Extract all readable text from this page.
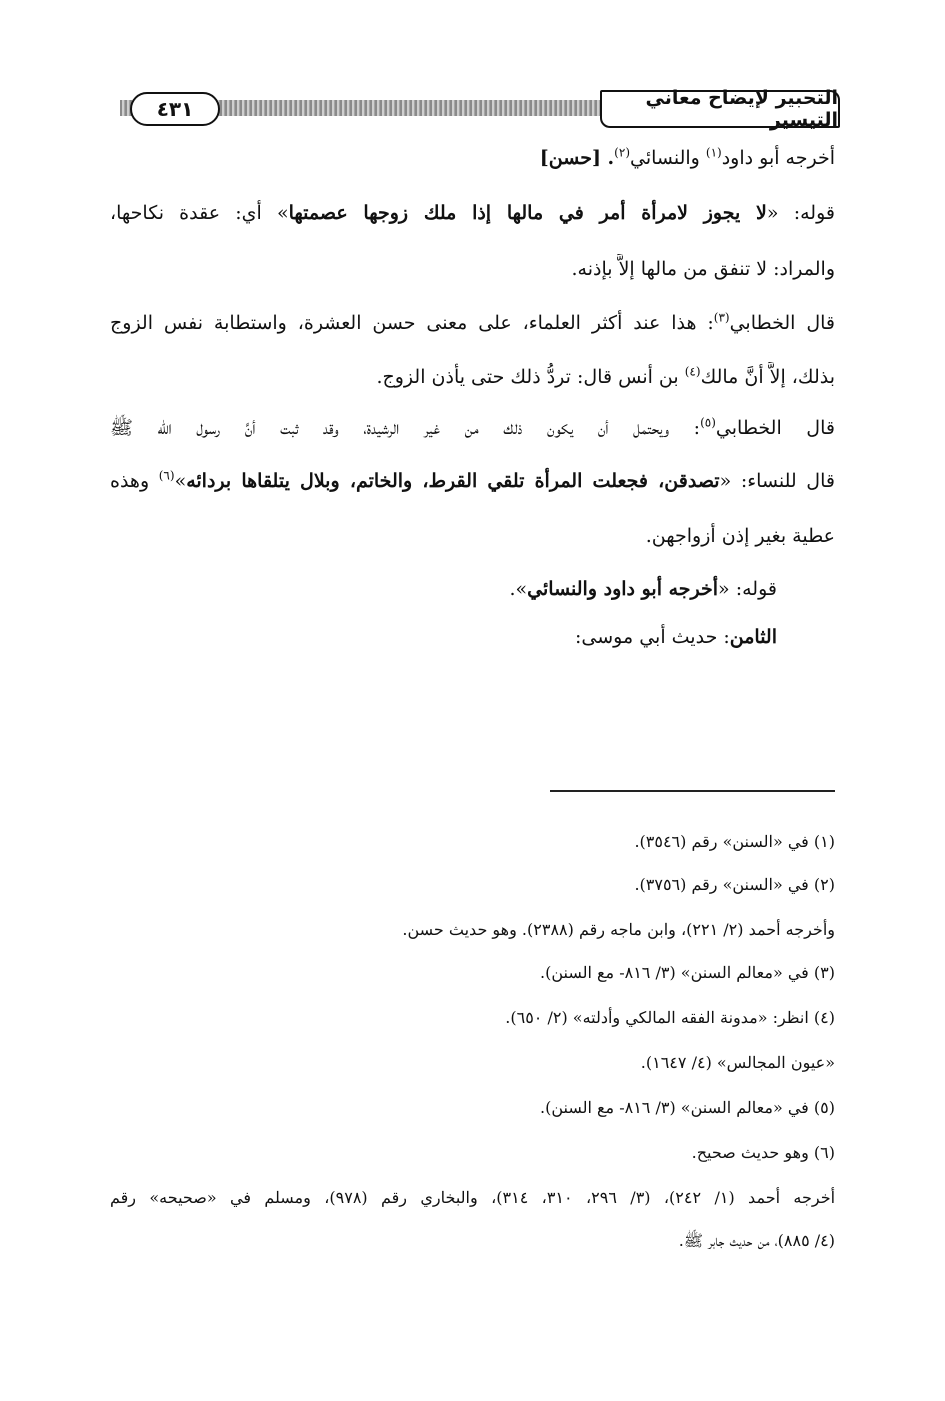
٤٣١	التحبير لإيضاح معاني التيسير
أخرجه أبو داود$^{(١)}$ والنسائي$^{(٢)}$. [حسن]
قوله: «لا يجوز لامرأة أمر في مالها إذا ملك زوجها عصمتها» أي: عقدة نكاحها،
والمراد: لا تنفق من مالها إلاَّ بإذنه.
قال الخطابي$^{(٣)}$: هذا عند أكثر العلماء، على معنى حسن العشرة، واستطابة نفس الزوج
بذلك، إلاَّ أنَّ مالك$^{(٤)}$ بن أنس قال: تردُّ ذلك حتى يأذن الزوج.
قال الخطابي$^{(٥)}$: ويحتمل أن يكون ذلك من غير الرشيدة، وقد ثبت أنَّ رسول الله ﷺ
قال للنساء: «تصدقن، فجعلت المرأة تلقي القرط، والخاتم، وبلال يتلقاها بردائه»$^{(٦)}$ وهذه
عطية بغير إذن أزواجهن.
قوله: «أخرجه أبو داود والنسائي».
الثامن: حديث أبي موسى:
(١) في «السنن» رقم (٣٥٤٦).
(٢) في «السنن» رقم (٣٧٥٦).
وأخرجه أحمد (٢/ ٢٢١)، وابن ماجه رقم (٢٣٨٨). وهو حديث حسن.
(٣) في «معالم السنن» (٣/ ٨١٦- مع السنن).
(٤) انظر: «مدونة الفقه المالكي وأدلته» (٢/ ٦٥٠).
«عيون المجالس» (٤/ ١٦٤٧).
(٥) في «معالم السنن» (٣/ ٨١٦- مع السنن).
(٦) وهو حديث صحيح.
أخرجه أحمد (١/ ٢٤٢)، (٣/ ٢٩٦، ٣١٠، ٣١٤)، والبخاري رقم (٩٧٨)، ومسلم في «صحيحه» رقم
(٤/ ٨٨٥)، من حديث جابر ﷺ.
